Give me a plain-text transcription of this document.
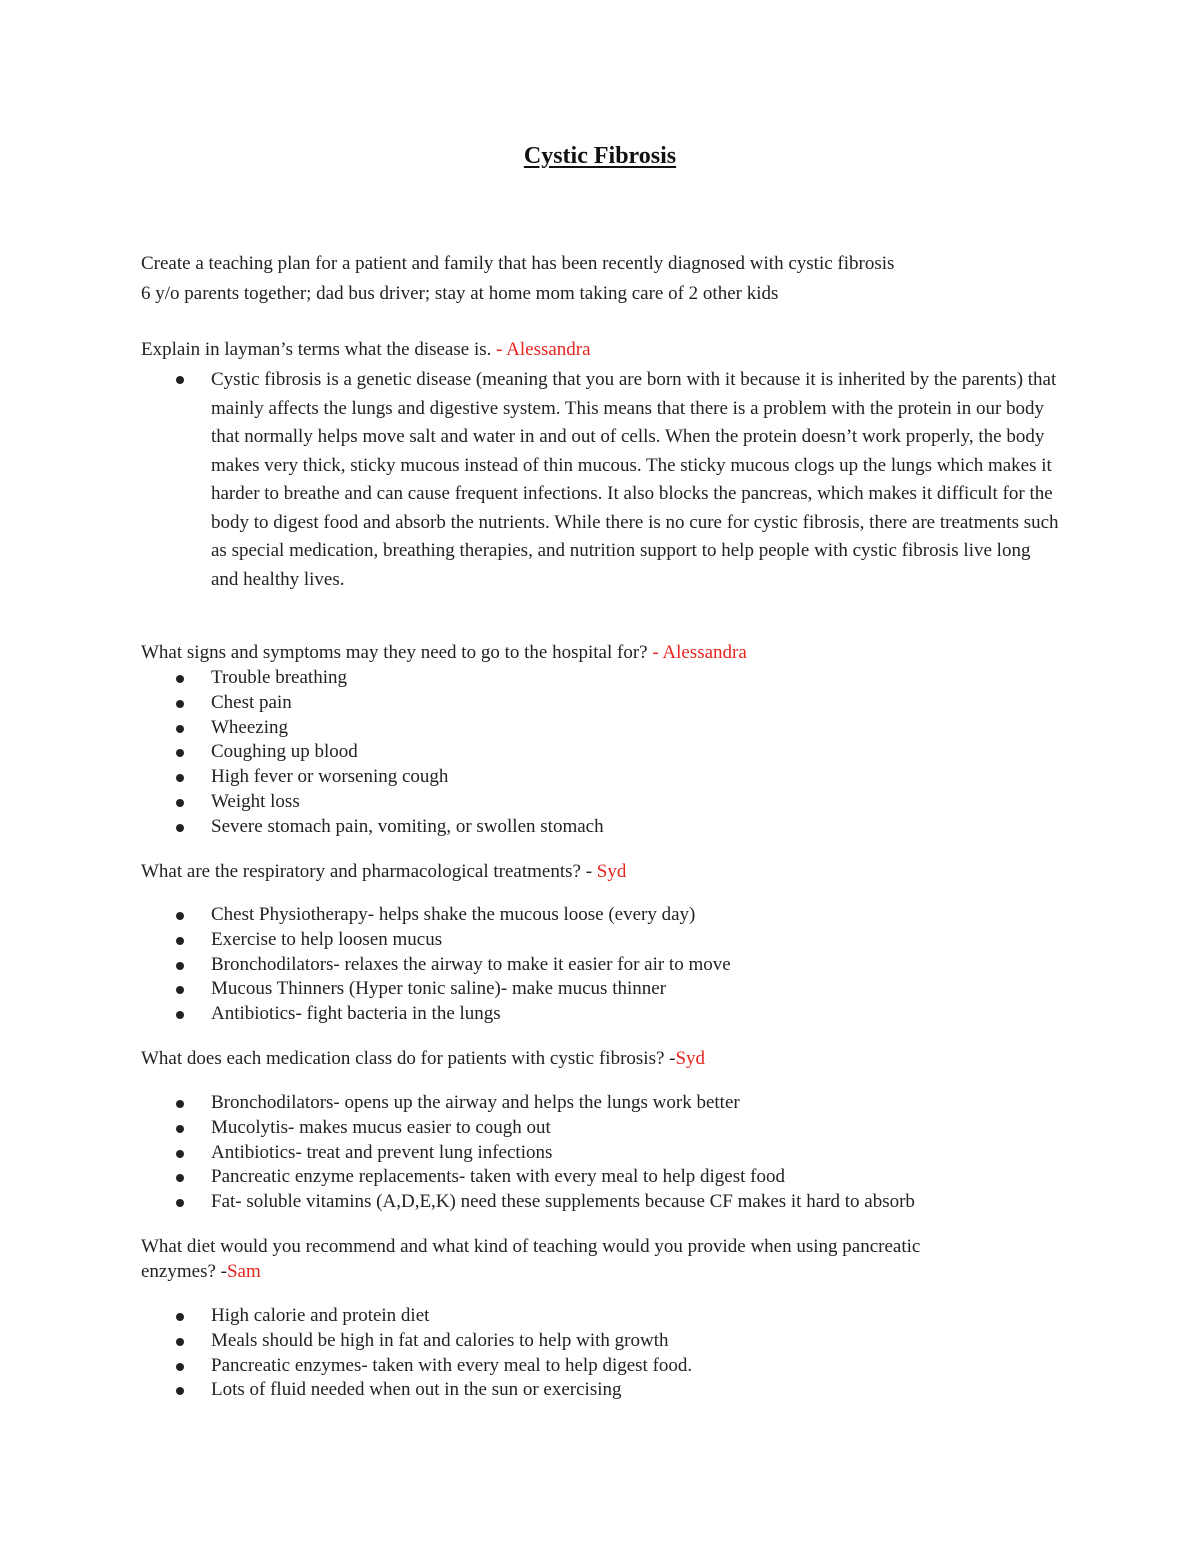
Cystic Fibrosis
Create a teaching plan for a patient and family that has been recently diagnosed with cystic fibrosis
6 y/o parents together; dad bus driver; stay at home mom taking care of 2 other kids
Explain in layman’s terms what the disease is. - Alessandra
Cystic fibrosis is a genetic disease (meaning that you are born with it because it is inherited by the parents) that mainly affects the lungs and digestive system. This means that there is a problem with the protein in our body that normally helps move salt and water in and out of cells. When the protein doesn’t work properly, the body makes very thick, sticky mucous instead of thin mucous. The sticky mucous clogs up the lungs which makes it harder to breathe and can cause frequent infections. It also blocks the pancreas, which makes it difficult for the body to digest food and absorb the nutrients. While there is no cure for cystic fibrosis, there are treatments such as special medication, breathing therapies, and nutrition support to help people with cystic fibrosis live long and healthy lives.
What signs and symptoms may they need to go to the hospital for? - Alessandra
Trouble breathing
Chest pain
Wheezing
Coughing up blood
High fever or worsening cough
Weight loss
Severe stomach pain, vomiting, or swollen stomach
What are the respiratory and pharmacological treatments? - Syd
Chest Physiotherapy- helps shake the mucous loose (every day)
Exercise to help loosen mucus
Bronchodilators- relaxes the airway to make it easier for air to move
Mucous Thinners (Hyper tonic saline)- make mucus thinner
Antibiotics- fight bacteria in the lungs
What does each medication class do for patients with cystic fibrosis? -Syd
Bronchodilators- opens up the airway and helps the lungs work better
Mucolytis- makes mucus easier to cough out
Antibiotics- treat and prevent lung infections
Pancreatic enzyme replacements- taken with every meal to help digest food
Fat- soluble vitamins (A,D,E,K) need these supplements because CF makes it hard to absorb
What diet would you recommend and what kind of teaching would you provide when using pancreatic
enzymes? -Sam
High calorie and protein diet
Meals should be high in fat and calories to help with growth
Pancreatic enzymes- taken with every meal to help digest food.
Lots of fluid needed when out in the sun or exercising
